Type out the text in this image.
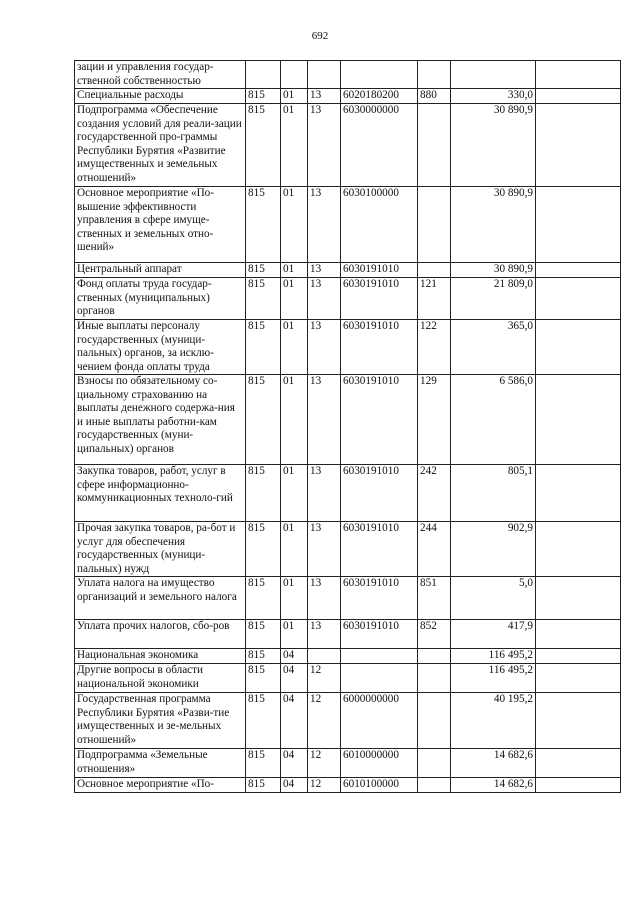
692
зации и управления государ-ственной собственностью							
Специальные расходы	815	01	13	6020180200	880	330,0	
Подпрограмма «Обеспечение создания условий для реали-зации государственной про-граммы Республики Бурятия «Развитие имущественных и земельных отношений»	815	01	13	6030000000		30 890,9	
Основное мероприятие «По-вышение эффективности управления в сфере имуще-ственных и земельных отно-шений»	815	01	13	6030100000		30 890,9	
Центральный аппарат	815	01	13	6030191010		30 890,9	
Фонд оплаты труда государ-ственных (муниципальных) органов	815	01	13	6030191010	121	21 809,0	
Иные выплаты персоналу государственных (муници-пальных) органов, за исклю-чением фонда оплаты труда	815	01	13	6030191010	122	365,0	
Взносы по обязательному со-циальному страхованию на выплаты денежного содержа-ния и иные выплаты работни-кам государственных (муни-ципальных) органов	815	01	13	6030191010	129	6 586,0	
Закупка товаров, работ, услуг в сфере информационно-коммуникационных техноло-гий	815	01	13	6030191010	242	805,1	
Прочая закупка товаров, ра-бот и услуг для обеспечения государственных (муници-пальных) нужд	815	01	13	6030191010	244	902,9	
Уплата налога на имущество организаций и земельного налога	815	01	13	6030191010	851	5,0	
Уплата прочих налогов, сбо-ров	815	01	13	6030191010	852	417,9	
Национальная экономика	815	04				116 495,2	
Другие вопросы в области национальной экономики	815	04	12			116 495,2	
Государственная программа Республики Бурятия «Разви-тие имущественных и зе-мельных отношений»	815	04	12	6000000000		40 195,2	
Подпрограмма «Земельные отношения»	815	04	12	6010000000		14 682,6	
Основное мероприятие «По-	815	04	12	6010100000		14 682,6	
